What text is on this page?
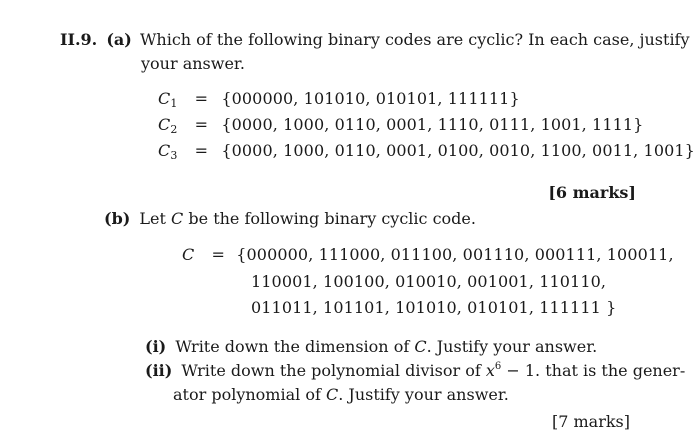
II.9. (a) Which of the following binary codes are cyclic? In each case, justify
your answer.
$C_1 = \{000000$, 101010, 010101, 111111}
$C_2 = \{0000$, 1000, 0110, 0001, 1110, 0111, 1001, 1111}
$C_3 = \{0000$, 1000, 0110, 0001, 0100, 0010, 1100, 0011, 1001}
[6 marks]
(b) Let C be the following binary cyclic code.
C = {000000, 111000, 011100, 001110, 000111, 100011,
110001, 100100, 010010, 001001, 110110,
011011, 101101, 101010, 010101, 111111 }
(i) Write down the dimension of C. Justify your answer.
(ii) Write down the polynomial divisor of $x^6 - 1$. that is the gener-
ator polynomial of C. Justify your answer.
[7 marks]
